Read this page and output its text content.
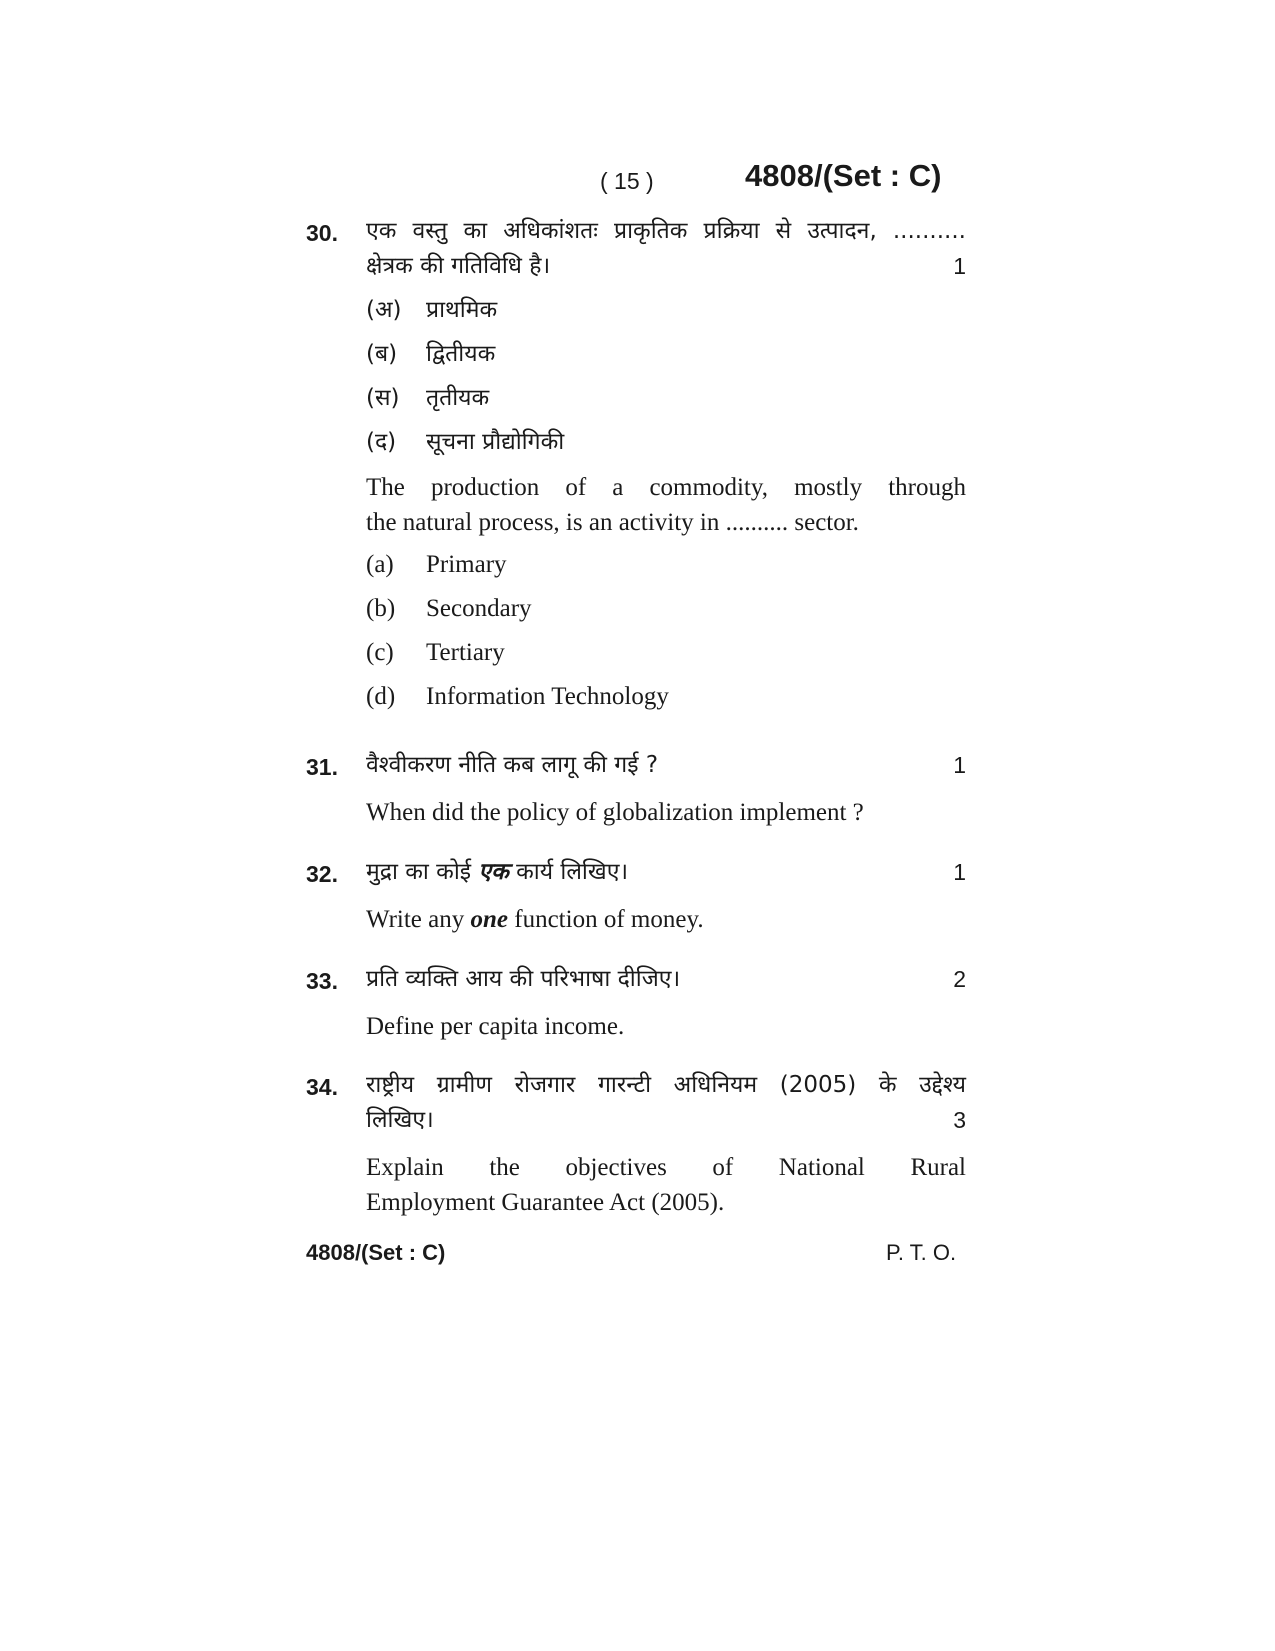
( 15 )	4808/(Set : C)
30. एक वस्तु का अधिकांशतः प्राकृतिक प्रक्रिया से उत्पादन, ..........
क्षेत्रक की गतिविधि है।	1
(अ)	प्राथमिक
(ब)	द्वितीयक
(स)	तृतीयक
(द)	सूचना प्रौद्योगिकी
The production of a commodity, mostly through
the natural process, is an activity in .......... sector.
(a)	Primary
(b)	Secondary
(c)	Tertiary
(d)	Information Technology
31. वैश्वीकरण नीति कब लागू की गई ?	1
When did the policy of globalization implement ?
32. मुद्रा का कोई एक कार्य लिखिए।	1
Write any one function of money.
33. प्रति व्यक्ति आय की परिभाषा दीजिए।	2
Define per capita income.
34. राष्ट्रीय ग्रामीण रोजगार गारन्टी अधिनियम (2005) के उद्देश्य
लिखिए।	3
Explain the objectives of National Rural
Employment Guarantee Act (2005).
4808/(Set : C)	P. T. O.
